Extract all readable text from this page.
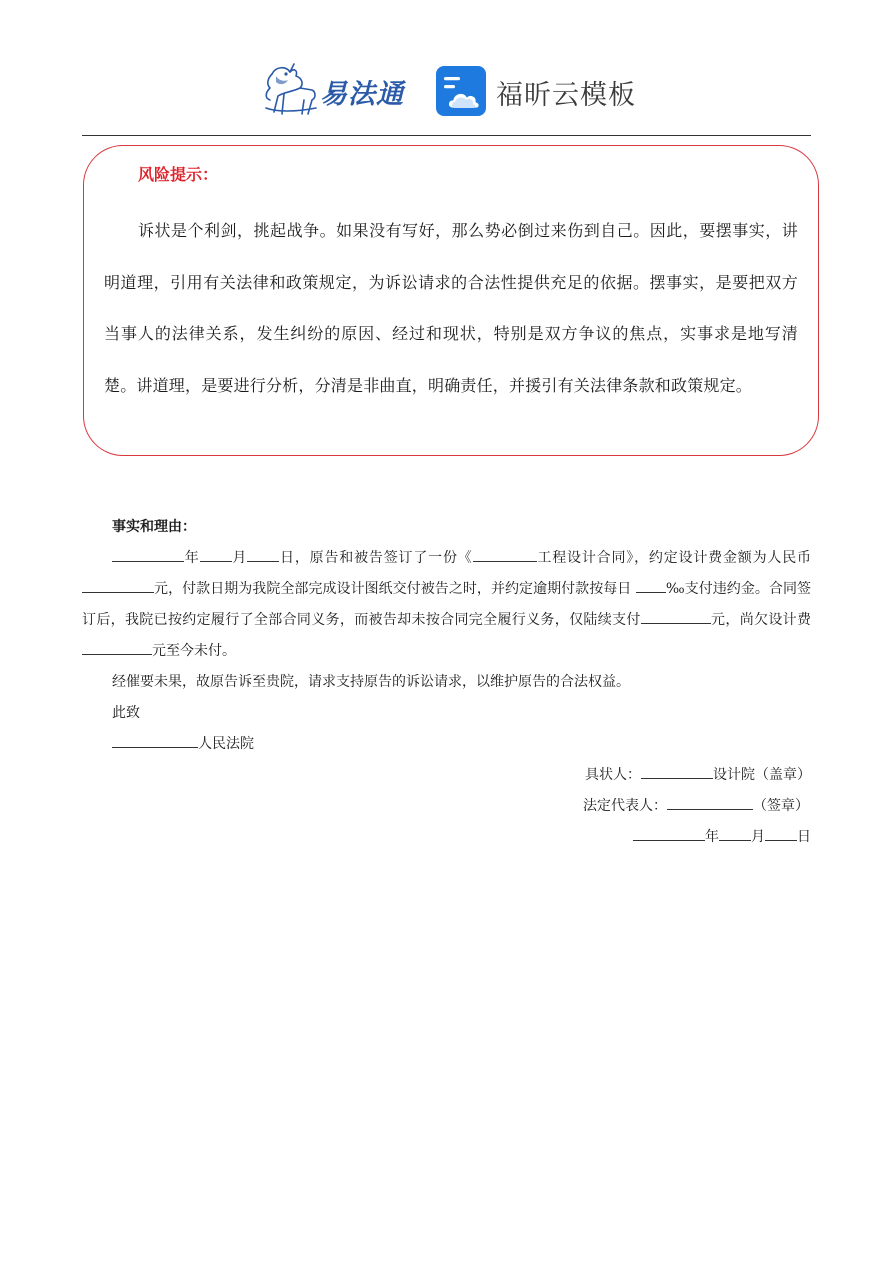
易法通	福昕云模板
风险提示：
诉状是个利剑，挑起战争。如果没有写好，那么势必倒过来伤到自己。因此，要摆事实，讲明道理，引用有关法律和政策规定，为诉讼请求的合法性提供充足的依据。摆事实，是要把双方当事人的法律关系，发生纠纷的原因、经过和现状，特别是双方争议的焦点，实事求是地写清楚。讲道理，是要进行分析，分清是非曲直，明确责任，并援引有关法律条款和政策规定。

事实和理由：

年 月 日，原告和被告签订了一份《	工程设计合同》，约定设计费金额为人民币元，付款日期为我院全部完成设计图纸交付被告之时，并约定逾期付款按每日 ‰支付违约金。合同签订后，我院已按约定履行了全部合同义务，而被告却未按合同完全履行义务，仅陆续支付	元，尚欠设计费元至今未付。

经催要未果，故原告诉至贵院，请求支持原告的诉讼请求，以维护原告的合法权益。

此致

人民法院

具状人：	设计院（盖章）

法定代表人：	（签章）

年 月 日
